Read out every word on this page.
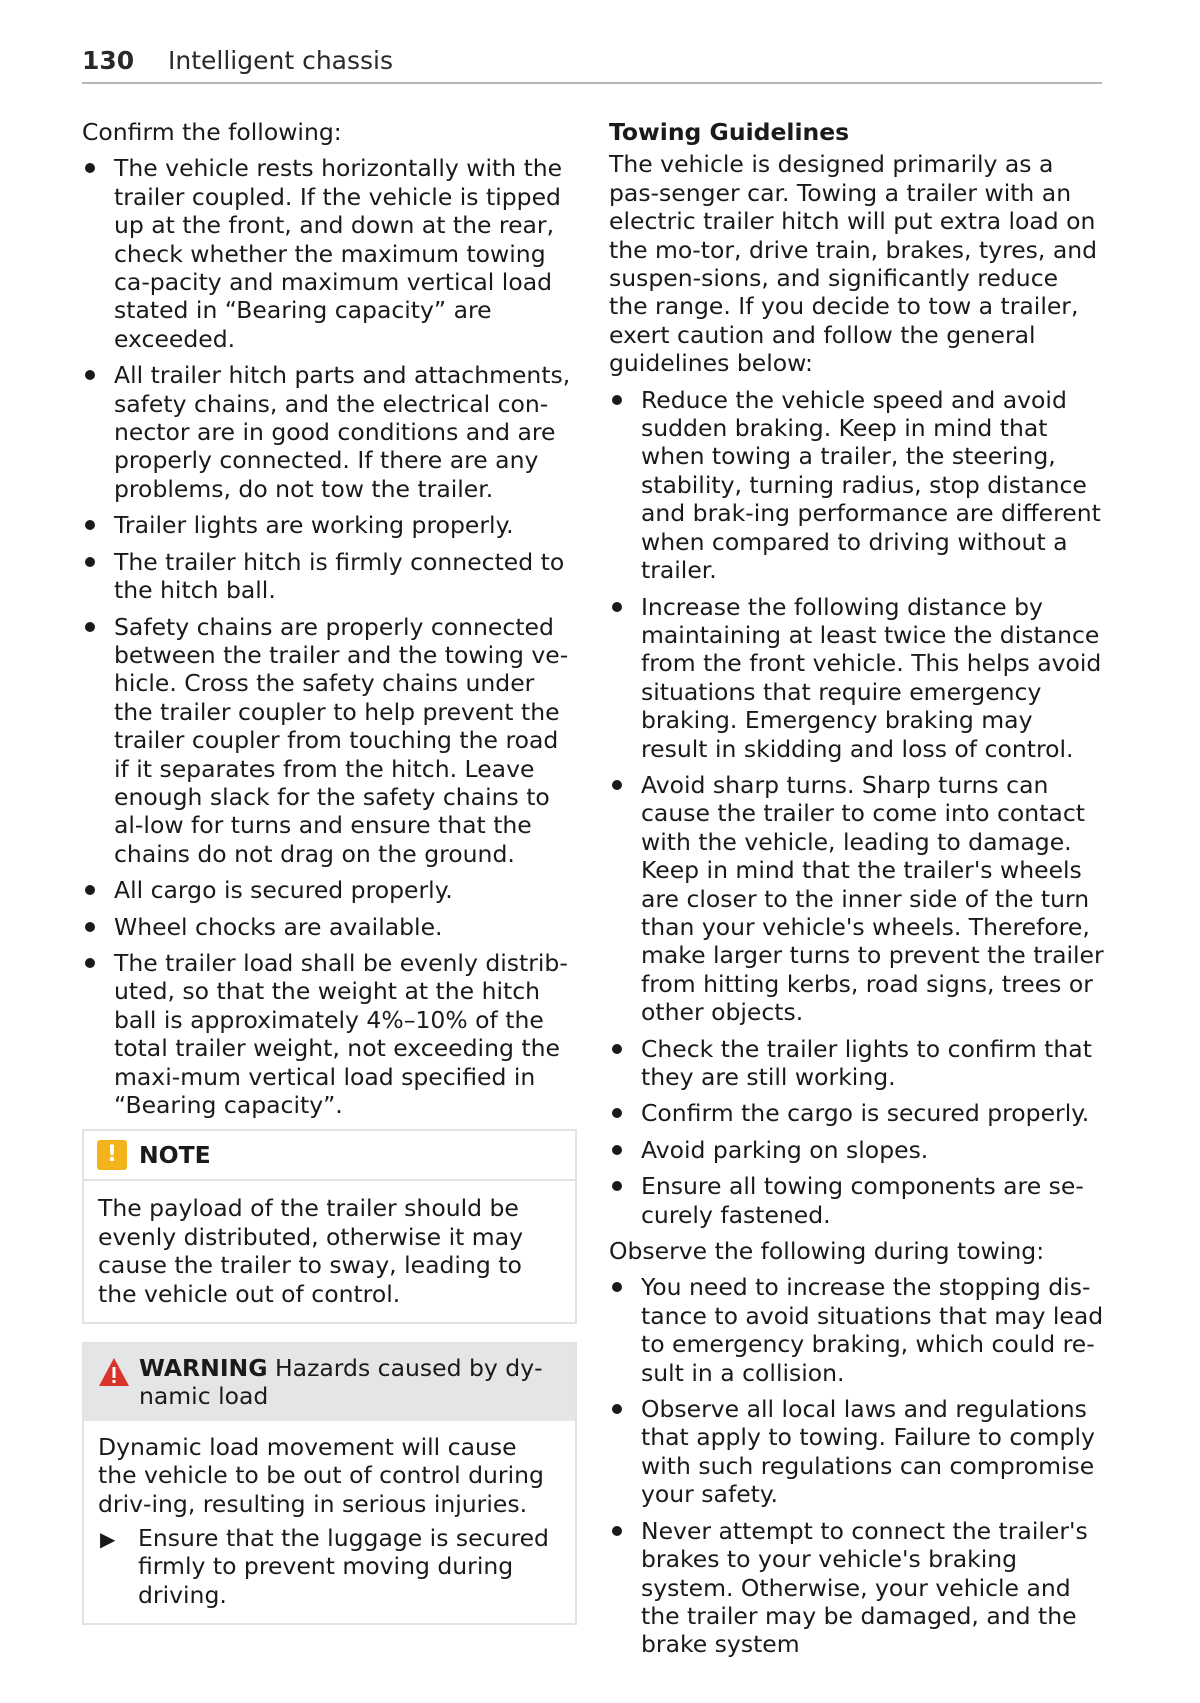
130 Intelligent chassis

Confirm the following:

The vehicle rests horizontally with the trailer coupled. If the vehicle is tipped up at the front, and down at the rear, check whether the maximum towing ca‐pacity and maximum vertical load stated in “Bearing capacity” are exceeded.
All trailer hitch parts and attachments, safety chains, and the electrical con‐nector are in good conditions and are properly connected. If there are any problems, do not tow the trailer.
Trailer lights are working properly.
The trailer hitch is firmly connected to the hitch ball.
Safety chains are properly connected between the trailer and the towing ve‐hicle. Cross the safety chains under the trailer coupler to help prevent the trailer coupler from touching the road if it separates from the hitch. Leave enough slack for the safety chains to al‐low for turns and ensure that the chains do not drag on the ground.
All cargo is secured properly.
Wheel chocks are available.
The trailer load shall be evenly distrib‐uted, so that the weight at the hitch ball is approximately 4%–10% of the total trailer weight, not exceeding the maxi‐mum vertical load specified in “Bearing capacity”.
! NOTE
The payload of the trailer should be evenly distributed, otherwise it may cause the trailer to sway, leading to the vehicle out of control.
WARNING Hazards caused by dy‐namic load

Dynamic load movement will cause the vehicle to be out of control during driv‐ing, resulting in serious injuries.

▶ Ensure that the luggage is secured firmly to prevent moving during driving.
Towing Guidelines

The vehicle is designed primarily as a pas‐senger car. Towing a trailer with an electric trailer hitch will put extra load on the mo‐tor, drive train, brakes, tyres, and suspen‐sions, and significantly reduce the range. If you decide to tow a trailer, exert caution and follow the general guidelines below:

Reduce the vehicle speed and avoid sudden braking. Keep in mind that when towing a trailer, the steering, stability, turning radius, stop distance and brak‐ing performance are different when compared to driving without a trailer.
Increase the following distance by maintaining at least twice the distance from the front vehicle. This helps avoid situations that require emergency braking. Emergency braking may result in skidding and loss of control.
Avoid sharp turns. Sharp turns can cause the trailer to come into contact with the vehicle, leading to damage. Keep in mind that the trailer's wheels are closer to the inner side of the turn than your vehicle's wheels. Therefore, make larger turns to prevent the trailer from hitting kerbs, road signs, trees or other objects.
Check the trailer lights to confirm that they are still working.
Confirm the cargo is secured properly.
Avoid parking on slopes.
Ensure all towing components are se‐curely fastened.

Observe the following during towing:

You need to increase the stopping dis‐tance to avoid situations that may lead to emergency braking, which could re‐sult in a collision.
Observe all local laws and regulations that apply to towing. Failure to comply with such regulations can compromise your safety.
Never attempt to connect the trailer's brakes to your vehicle's braking system. Otherwise, your vehicle and the trailer may be damaged, and the brake system
